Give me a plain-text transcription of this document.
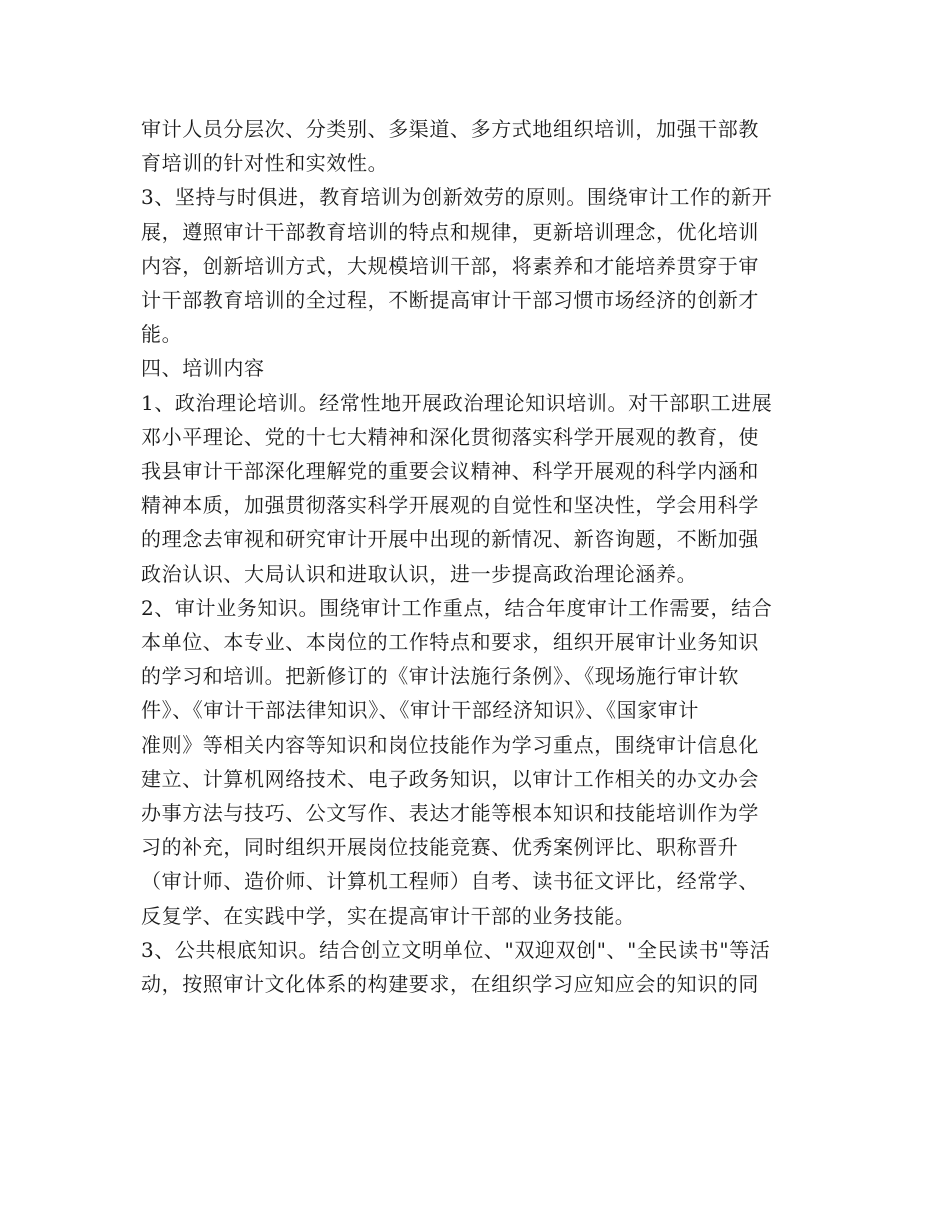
审计人员分层次、分类别、多渠道、多方式地组织培训，加强干部教
育培训的针对性和实效性。
3、坚持与时俱进，教育培训为创新效劳的原则。围绕审计工作的新开
展，遵照审计干部教育培训的特点和规律，更新培训理念，优化培训
内容，创新培训方式，大规模培训干部，将素养和才能培养贯穿于审
计干部教育培训的全过程，不断提高审计干部习惯市场经济的创新才
能。
四、培训内容
1、政治理论培训。经常性地开展政治理论知识培训。对干部职工进展
邓小平理论、党的十七大精神和深化贯彻落实科学开展观的教育，使
我县审计干部深化理解党的重要会议精神、科学开展观的科学内涵和
精神本质，加强贯彻落实科学开展观的自觉性和坚决性，学会用科学
的理念去审视和研究审计开展中出现的新情况、新咨询题，不断加强
政治认识、大局认识和进取认识，进一步提高政治理论涵养。
2、审计业务知识。围绕审计工作重点，结合年度审计工作需要，结合
本单位、本专业、本岗位的工作特点和要求，组织开展审计业务知识
的学习和培训。把新修订的《审计法施行条例》、《现场施行审计软
件》、《审计干部法律知识》、《审计干部经济知识》、《国家审计
准则》等相关内容等知识和岗位技能作为学习重点，围绕审计信息化
建立、计算机网络技术、电子政务知识，以审计工作相关的办文办会
办事方法与技巧、公文写作、表达才能等根本知识和技能培训作为学
习的补充，同时组织开展岗位技能竞赛、优秀案例评比、职称晋升
（审计师、造价师、计算机工程师）自考、读书征文评比，经常学、
反复学、在实践中学，实在提高审计干部的业务技能。
3、公共根底知识。结合创立文明单位、"双迎双创"、"全民读书"等活
动，按照审计文化体系的构建要求，在组织学习应知应会的知识的同
